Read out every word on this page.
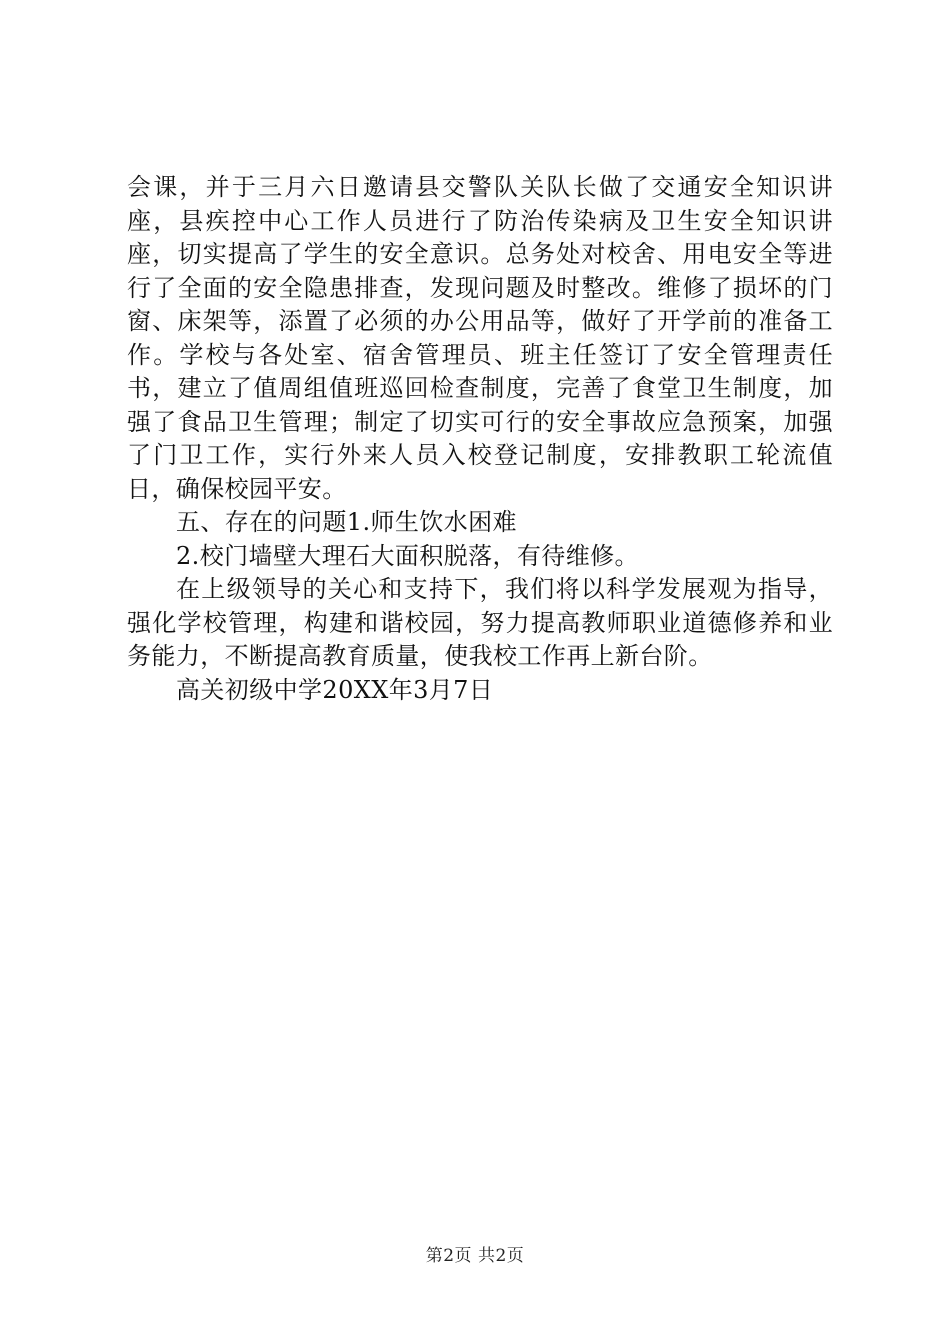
会课，并于三月六日邀请县交警队关队长做了交通安全知识讲座，县疾控中心工作人员进行了防治传染病及卫生安全知识讲座，切实提高了学生的安全意识。总务处对校舍、用电安全等进行了全面的安全隐患排查，发现问题及时整改。维修了损坏的门窗、床架等，添置了必须的办公用品等，做好了开学前的准备工作。学校与各处室、宿舍管理员、班主任签订了安全管理责任书，建立了值周组值班巡回检查制度，完善了食堂卫生制度，加强了食品卫生管理；制定了切实可行的安全事故应急预案，加强了门卫工作，实行外来人员入校登记制度，安排教职工轮流值日，确保校园平安。

五、存在的问题1.师生饮水困难

2.校门墙壁大理石大面积脱落，有待维修。

在上级领导的关心和支持下，我们将以科学发展观为指导，强化学校管理，构建和谐校园，努力提高教师职业道德修养和业务能力，不断提高教育质量，使我校工作再上新台阶。

高关初级中学20XX年3月7日

第2页 共2页
